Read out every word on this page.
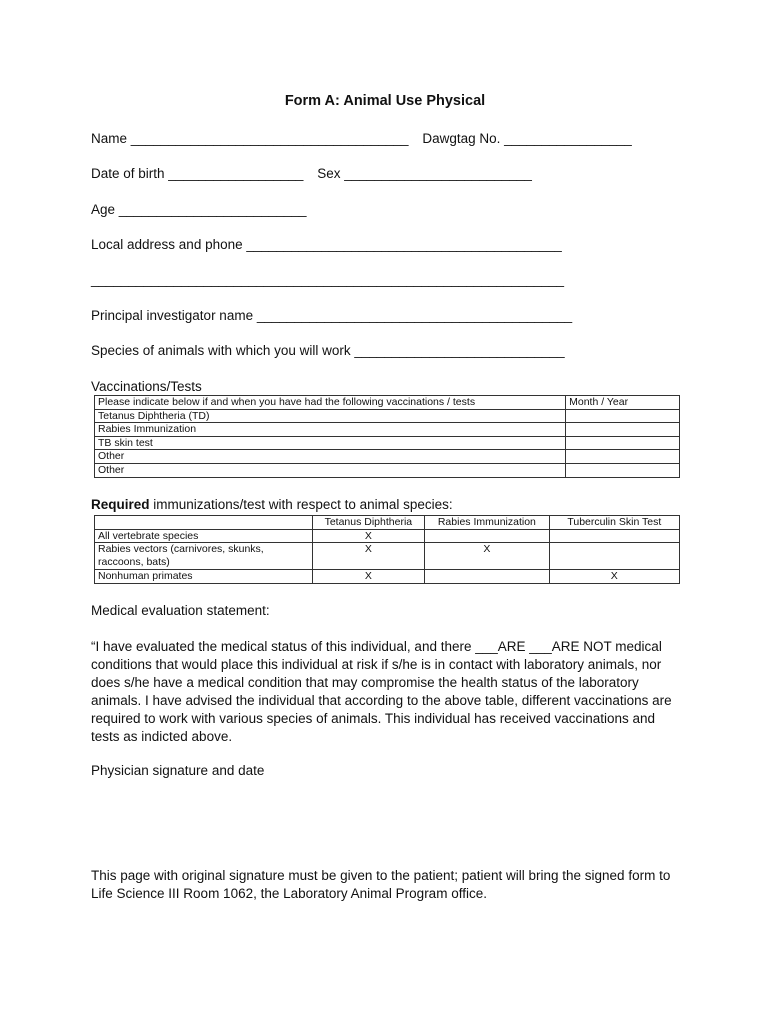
Form A: Animal Use Physical
Name _____________________________________ Dawgtag No. _________________
Date of birth __________________ Sex _________________________
Age _________________________
Local address and phone __________________________________________
_______________________________________________________________
Principal investigator name __________________________________________
Species of animals with which you will work ____________________________
Vaccinations/Tests
Please indicate below if and when you have had the following vaccinations / tests	Month / Year
Tetanus Diphtheria (TD)	
Rabies Immunization	
TB skin test	
Other	
Other	
Required immunizations/test with respect to animal species:
	Tetanus Diphtheria	Rabies Immunization	Tuberculin Skin Test
All vertebrate species	X		
Rabies vectors (carnivores, skunks, raccoons, bats)	X	X	
Nonhuman primates	X		X
Medical evaluation statement:
“I have evaluated the medical status of this individual, and there ___ARE ___ARE NOT medical conditions that would place this individual at risk if s/he is in contact with laboratory animals, nor does s/he have a medical condition that may compromise the health status of the laboratory animals. I have advised the individual that according to the above table, different vaccinations are required to work with various species of animals. This individual has received vaccinations and tests as indicted above.
Physician signature and date
This page with original signature must be given to the patient; patient will bring the signed form to Life Science III Room 1062, the Laboratory Animal Program office.
